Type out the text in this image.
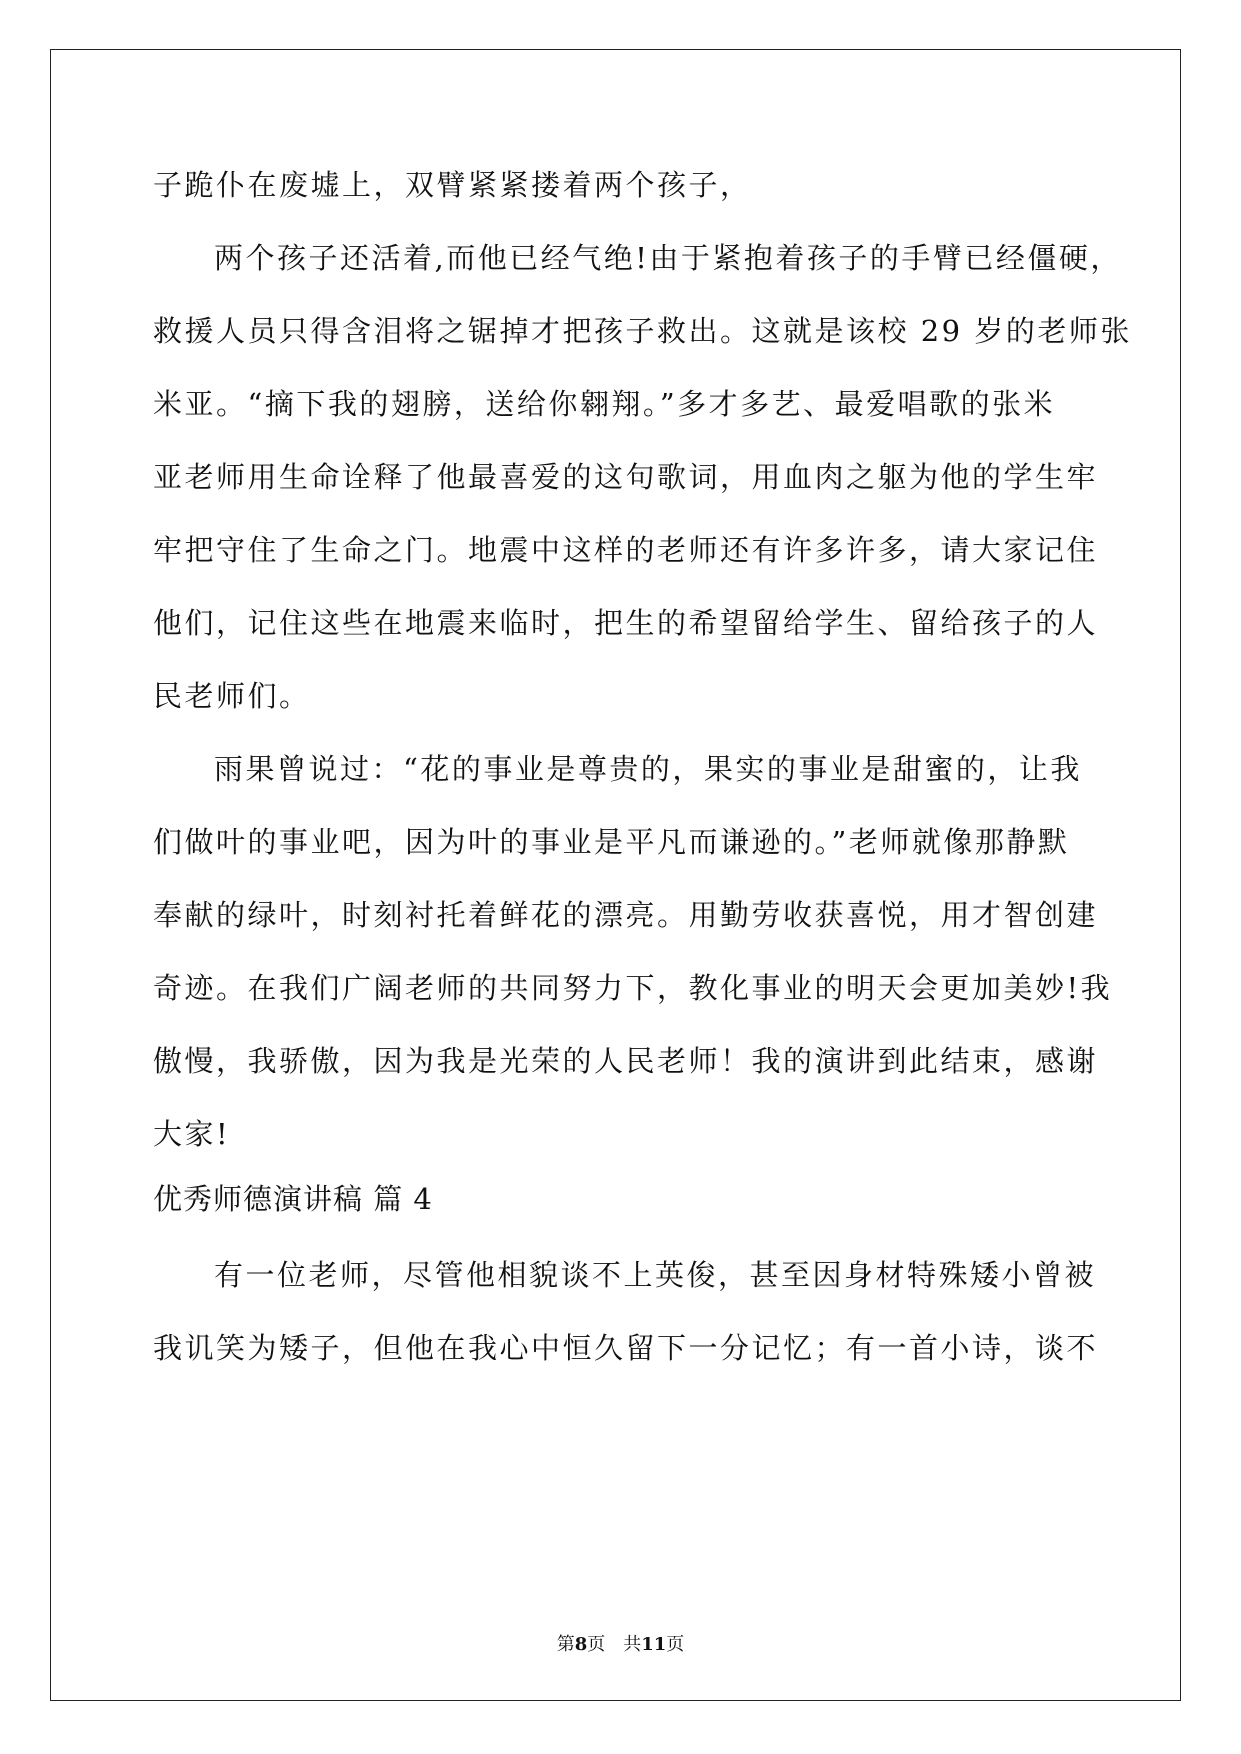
子跪仆在废墟上，双臂紧紧搂着两个孩子，
两个孩子还活着,而他已经气绝!由于紧抱着孩子的手臂已经僵硬，
救援人员只得含泪将之锯掉才把孩子救出。这就是该校 29 岁的老师张
米亚。“摘下我的翅膀，送给你翱翔。”多才多艺、最爱唱歌的张米
亚老师用生命诠释了他最喜爱的这句歌词，用血肉之躯为他的学生牢
牢把守住了生命之门。地震中这样的老师还有许多许多，请大家记住
他们，记住这些在地震来临时，把生的希望留给学生、留给孩子的人
民老师们。
雨果曾说过：“花的事业是尊贵的，果实的事业是甜蜜的，让我
们做叶的事业吧，因为叶的事业是平凡而谦逊的。”老师就像那静默
奉献的绿叶，时刻衬托着鲜花的漂亮。用勤劳收获喜悦，用才智创建
奇迹。在我们广阔老师的共同努力下，教化事业的明天会更加美妙!我
傲慢，我骄傲，因为我是光荣的人民老师！我的演讲到此结束，感谢
大家!
优秀师德演讲稿 篇 4
有一位老师，尽管他相貌谈不上英俊，甚至因身材特殊矮小曾被
我讥笑为矮子，但他在我心中恒久留下一分记忆；有一首小诗，谈不
第8页 共11页
